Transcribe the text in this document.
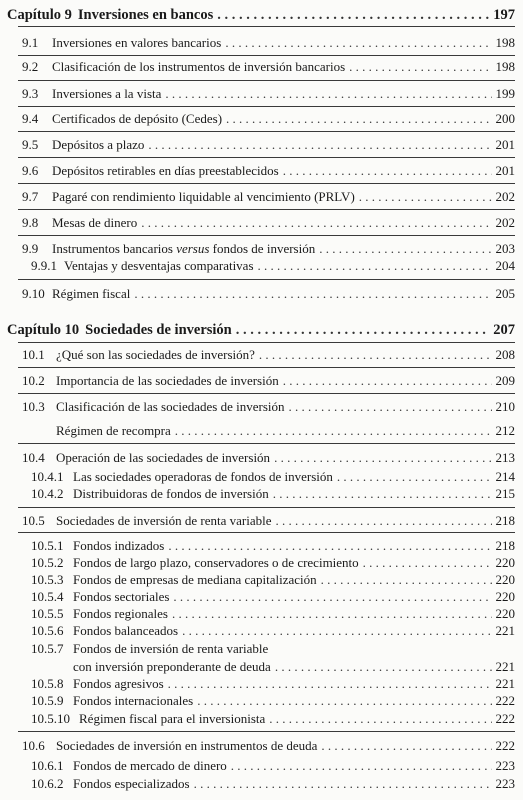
Capítulo 9 Inversiones en bancos . . .	197
9.1	Inversiones en valores bancarios . . .	198
9.2	Clasificación de los instrumentos de inversión bancarios . . .	198
9.3	Inversiones a la vista . . .	199
9.4	Certificados de depósito (Cedes) . . .	200
9.5	Depósitos a plazo . . .	201
9.6	Depósitos retirables en días preestablecidos . . .	201
9.7	Pagaré con rendimiento liquidable al vencimiento (PRLV) . . .	202
9.8	Mesas de dinero . . .	202
9.9	Instrumentos bancarios versus fondos de inversión . . .	203
9.9.1 Ventajas y desventajas comparativas . . .	204
9.10 Régimen fiscal . . .	205
Capítulo 10 Sociedades de inversión . . .	207
10.1 ¿Qué son las sociedades de inversión? . . .	208
10.2 Importancia de las sociedades de inversión . . .	209
10.3 Clasificación de las sociedades de inversión . . .	210
Régimen de recompra . . .	212
10.4 Operación de las sociedades de inversión . . .	213
10.4.1 Las sociedades operadoras de fondos de inversión . . .	214
10.4.2 Distribuidoras de fondos de inversión . . .	215
10.5 Sociedades de inversión de renta variable . . .	218
10.5.1 Fondos indizados . . .	218
10.5.2 Fondos de largo plazo, conservadores o de crecimiento . . .	220
10.5.3 Fondos de empresas de mediana capitalización . . .	220
10.5.4 Fondos sectoriales . . .	220
10.5.5 Fondos regionales . . .	220
10.5.6 Fondos balanceados . . .	221
10.5.7 Fondos de inversión de renta variable
con inversión preponderante de deuda . . .	221
10.5.8 Fondos agresivos . . .	221
10.5.9 Fondos internacionales . . .	222
10.5.10 Régimen fiscal para el inversionista . . .	222
10.6 Sociedades de inversión en instrumentos de deuda . . .	222
10.6.1 Fondos de mercado de dinero . . .	223
10.6.2 Fondos especializados . . .	223
